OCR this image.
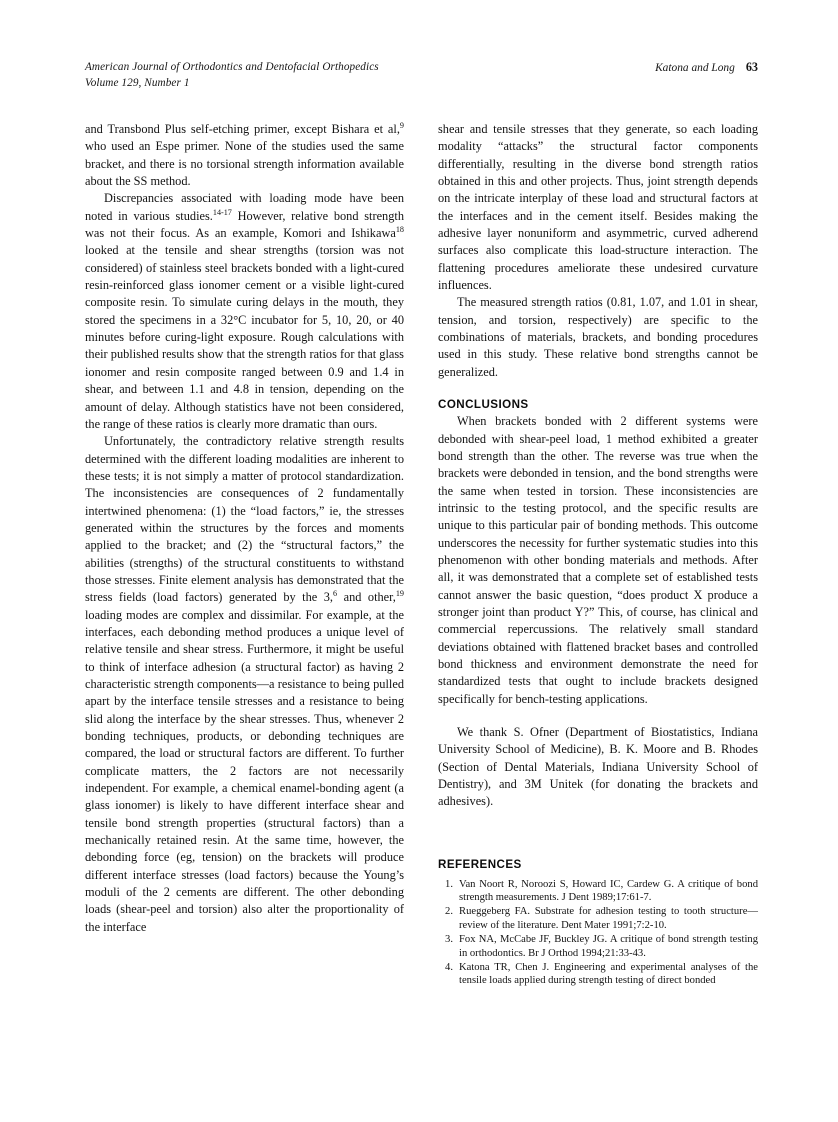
American Journal of Orthodontics and Dentofacial Orthopedics
Volume 129, Number 1
Katona and Long 63

and Transbond Plus self-etching primer, except Bishara et al,$^9$ who used an Espe primer. None of the studies used the same bracket, and there is no torsional strength information available about the SS method.

Discrepancies associated with loading mode have been noted in various studies.$^{14-17}$ However, relative bond strength was not their focus. As an example, Komori and Ishikawa$^{18}$ looked at the tensile and shear strengths (torsion was not considered) of stainless steel brackets bonded with a light-cured resin-reinforced glass ionomer cement or a visible light-cured composite resin. To simulate curing delays in the mouth, they stored the specimens in a 32°C incubator for 5, 10, 20, or 40 minutes before curing-light exposure. Rough calculations with their published results show that the strength ratios for that glass ionomer and resin composite ranged between 0.9 and 1.4 in shear, and between 1.1 and 4.8 in tension, depending on the amount of delay. Although statistics have not been considered, the range of these ratios is clearly more dramatic than ours.

Unfortunately, the contradictory relative strength results determined with the different loading modalities are inherent to these tests; it is not simply a matter of protocol standardization. The inconsistencies are consequences of 2 fundamentally intertwined phenomena: (1) the “load factors,” ie, the stresses generated within the structures by the forces and moments applied to the bracket; and (2) the “structural factors,” the abilities (strengths) of the structural constituents to withstand those stresses. Finite element analysis has demonstrated that the stress fields (load factors) generated by the 3,$^6$ and other,$^{19}$ loading modes are complex and dissimilar. For example, at the interfaces, each debonding method produces a unique level of relative tensile and shear stress. Furthermore, it might be useful to think of interface adhesion (a structural factor) as having 2 characteristic strength components—a resistance to being pulled apart by the interface tensile stresses and a resistance to being slid along the interface by the shear stresses. Thus, whenever 2 bonding techniques, products, or debonding techniques are compared, the load or structural factors are different. To further complicate matters, the 2 factors are not necessarily independent. For example, a chemical enamel-bonding agent (a glass ionomer) is likely to have different interface shear and tensile bond strength properties (structural factors) than a mechanically retained resin. At the same time, however, the debonding force (eg, tension) on the brackets will produce different interface stresses (load factors) because the Young’s moduli of the 2 cements are different. The other debonding loads (shear-peel and torsion) also alter the proportionality of the interface

shear and tensile stresses that they generate, so each loading modality “attacks” the structural factor components differentially, resulting in the diverse bond strength ratios obtained in this and other projects. Thus, joint strength depends on the intricate interplay of these load and structural factors at the interfaces and in the cement itself. Besides making the adhesive layer nonuniform and asymmetric, curved adherend surfaces also complicate this load-structure interaction. The flattening procedures ameliorate these undesired curvature influences.

The measured strength ratios (0.81, 1.07, and 1.01 in shear, tension, and torsion, respectively) are specific to the combinations of materials, brackets, and bonding procedures used in this study. These relative bond strengths cannot be generalized.

CONCLUSIONS

When brackets bonded with 2 different systems were debonded with shear-peel load, 1 method exhibited a greater bond strength than the other. The reverse was true when the brackets were debonded in tension, and the bond strengths were the same when tested in torsion. These inconsistencies are intrinsic to the testing protocol, and the specific results are unique to this particular pair of bonding methods. This outcome underscores the necessity for further systematic studies into this phenomenon with other bonding materials and methods. After all, it was demonstrated that a complete set of established tests cannot answer the basic question, “does product X produce a stronger joint than product Y?” This, of course, has clinical and commercial repercussions. The relatively small standard deviations obtained with flattened bracket bases and controlled bond thickness and environment demonstrate the need for standardized tests that ought to include brackets designed specifically for bench-testing applications.

We thank S. Ofner (Department of Biostatistics, Indiana University School of Medicine), B. K. Moore and B. Rhodes (Section of Dental Materials, Indiana University School of Dentistry), and 3M Unitek (for donating the brackets and adhesives).

REFERENCES
Van Noort R, Noroozi S, Howard IC, Cardew G. A critique of bond strength measurements. J Dent 1989;17:61-7.
Rueggeberg FA. Substrate for adhesion testing to tooth structure—review of the literature. Dent Mater 1991;7:2-10.
Fox NA, McCabe JF, Buckley JG. A critique of bond strength testing in orthodontics. Br J Orthod 1994;21:33-43.
Katona TR, Chen J. Engineering and experimental analyses of the tensile loads applied during strength testing of direct bonded
